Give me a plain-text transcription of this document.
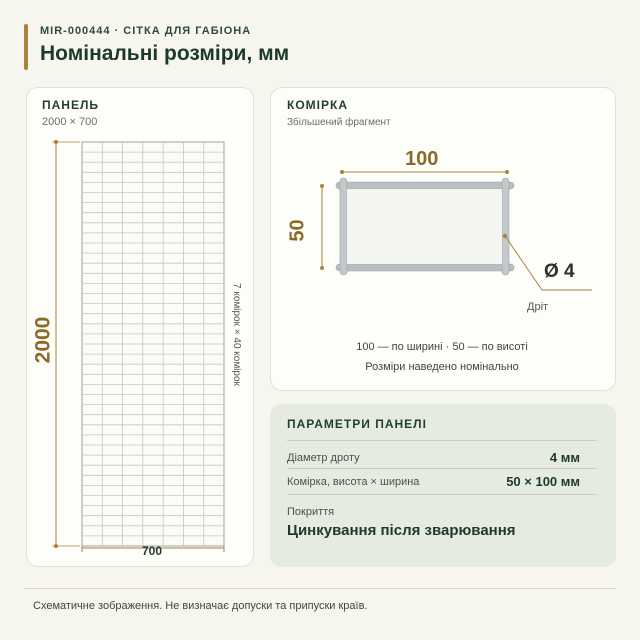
MIR-000444 · СІТКА ДЛЯ ГАБІОНА
Номінальні розміри, мм
ПАНЕЛЬ
2000 × 700
2000
700
7 комірок × 40 комірок
КОМІРКА
Збільшений фрагмент
100
50
Ø 4
Дріт
100 — по ширині · 50 — по висоті
Розміри наведено номінально
ПАРАМЕТРИ ПАНЕЛІ
Діаметр дроту	4 мм
Комірка, висота × ширина	50 × 100 мм
Покриття
Цинкування після зварювання
Схематичне зображення. Не визначає допуски та припуски країв.
